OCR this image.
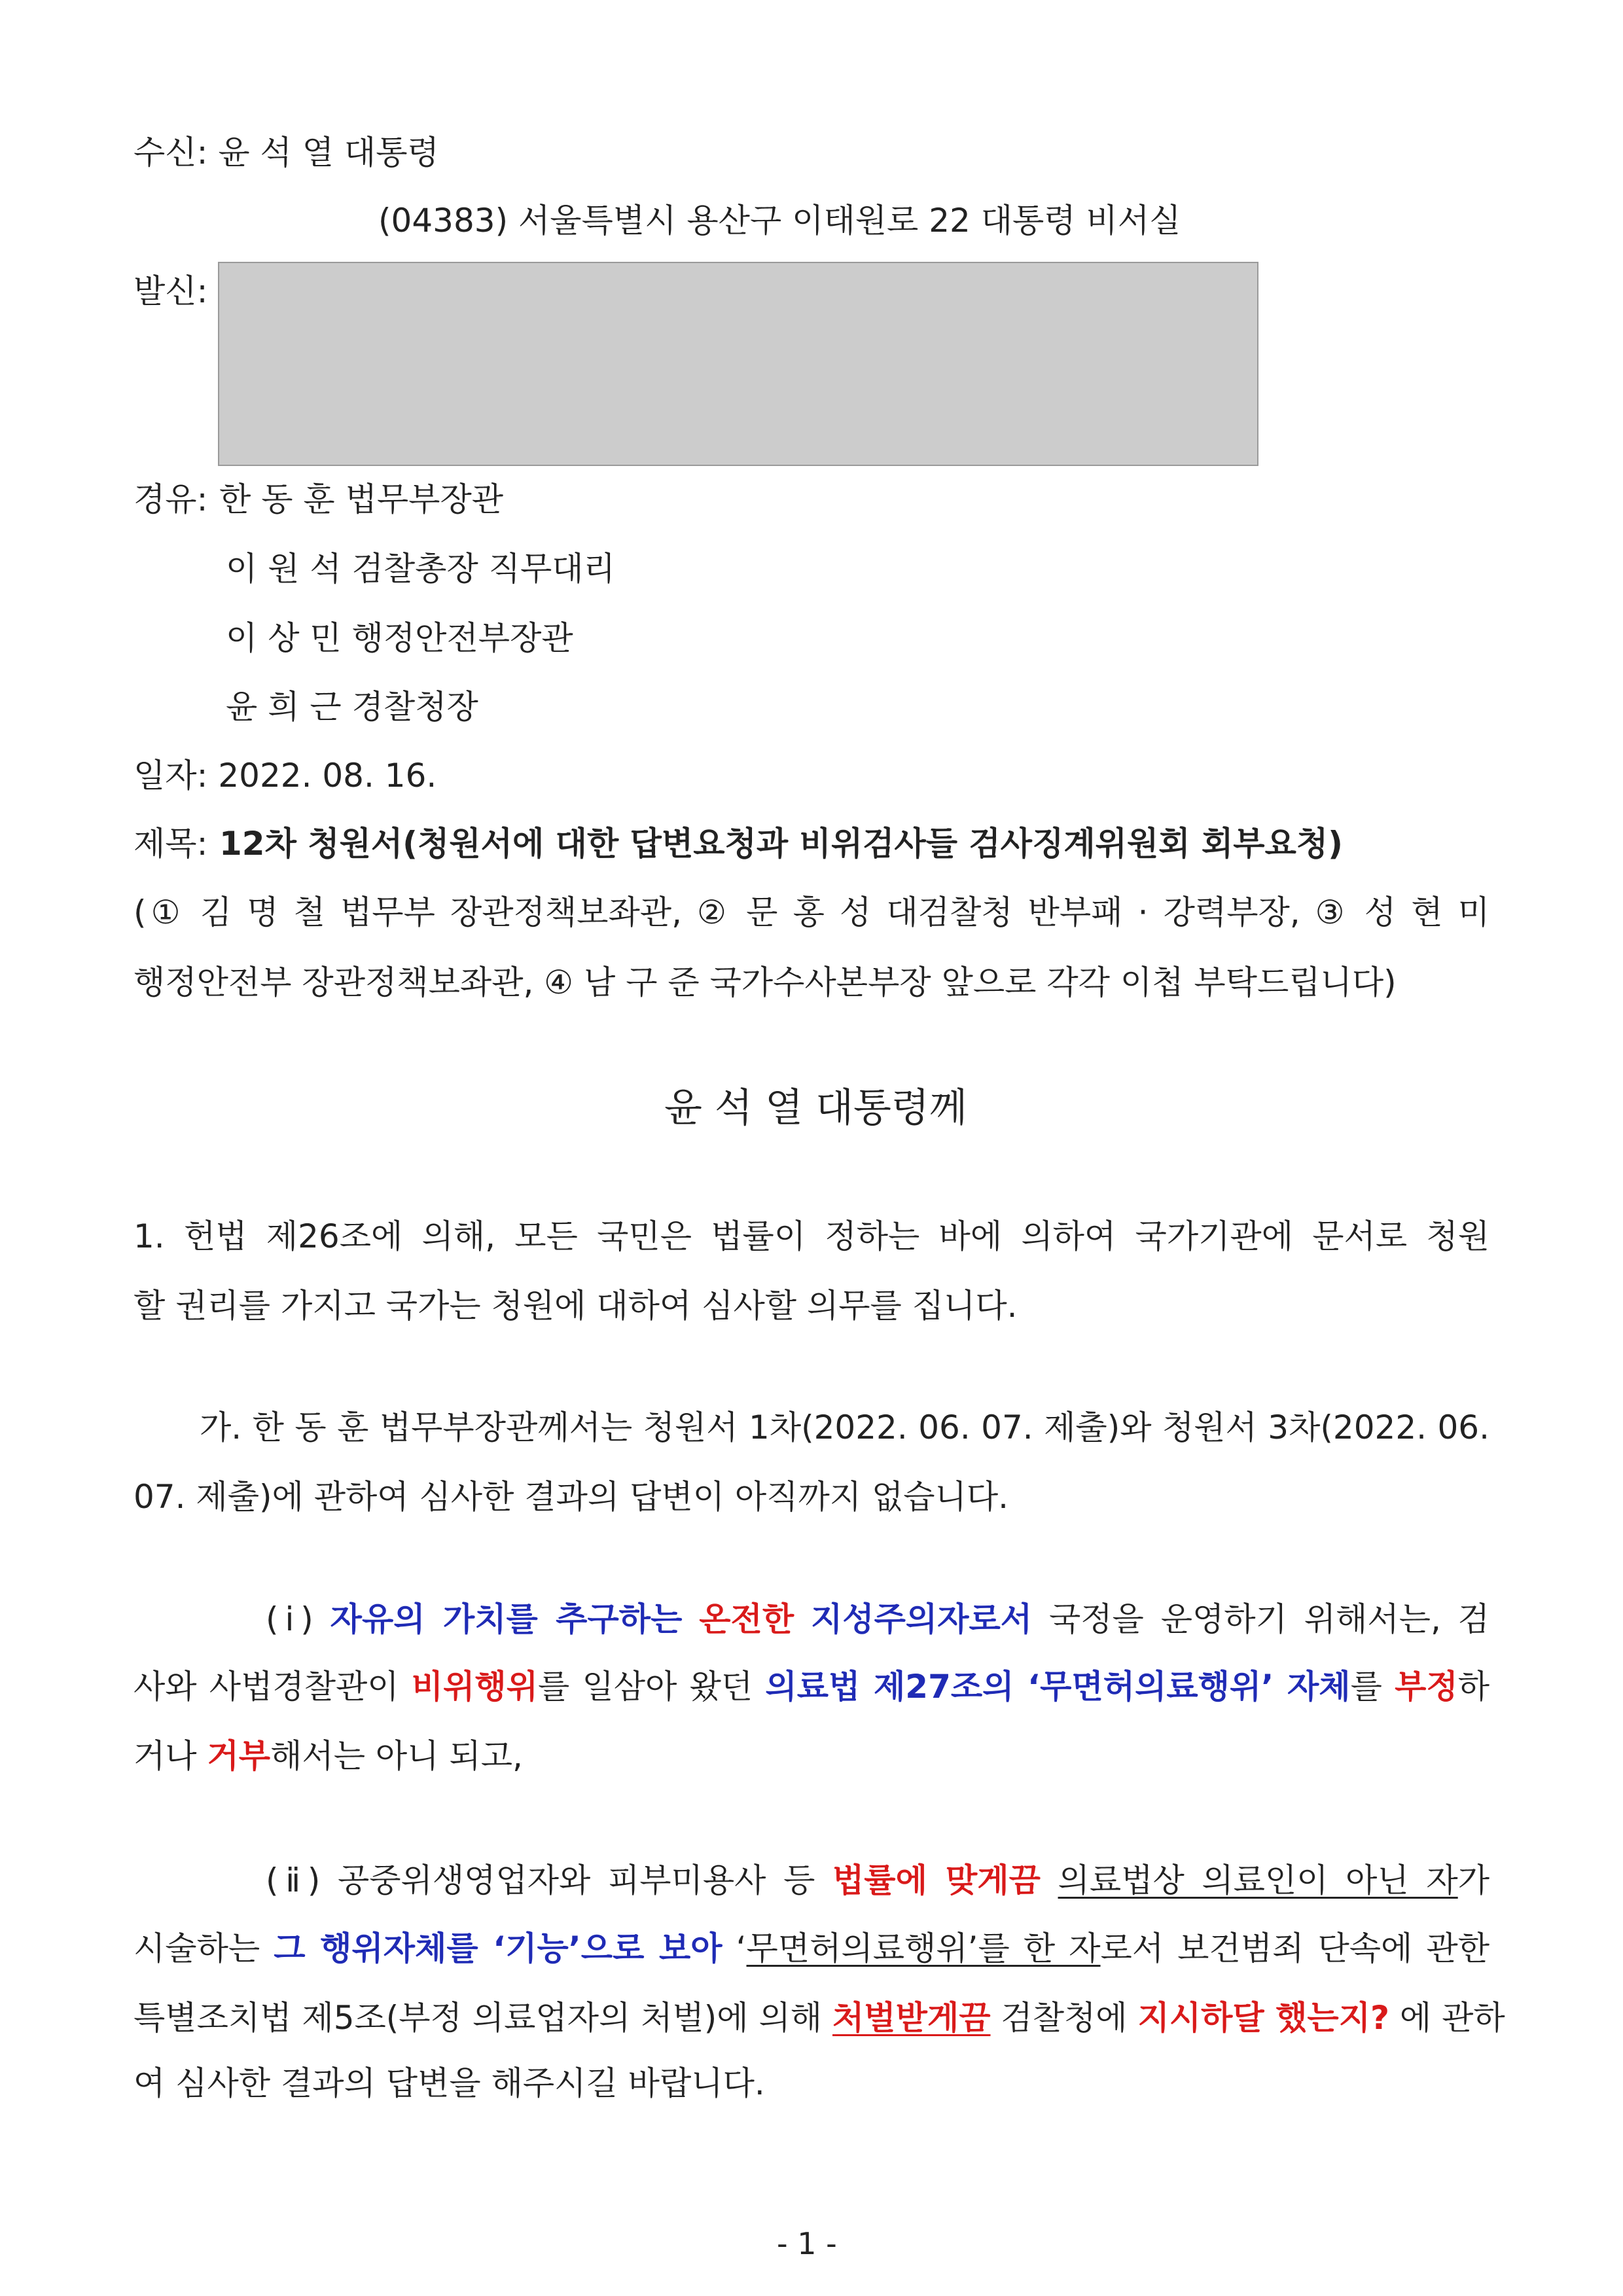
수신: 윤 석 열 대통령
(04383) 서울특별시 용산구 이태원로 22 대통령 비서실
발신:
경유: 한 동 훈 법무부장관
이 원 석 검찰총장 직무대리
이 상 민 행정안전부장관
윤 희 근 경찰청장
일자: 2022. 08. 16.
제목: 12차 청원서(청원서에 대한 답변요청과 비위검사들 검사징계위원회 회부요청)
(① 김 명 철 법무부 장관정책보좌관, ② 문 홍 성 대검찰청 반부패 · 강력부장, ③ 성 현 미
행정안전부 장관정책보좌관, ④ 남 구 준 국가수사본부장 앞으로 각각 이첩 부탁드립니다)
윤 석 열 대통령께
1. 헌법 제26조에 의해, 모든 국민은 법률이 정하는 바에 의하여 국가기관에 문서로 청원
할 권리를 가지고 국가는 청원에 대하여 심사할 의무를 집니다.
가. 한 동 훈 법무부장관께서는 청원서 1차(2022. 06. 07. 제출)와 청원서 3차(2022. 06.
07. 제출)에 관하여 심사한 결과의 답변이 아직까지 없습니다.
(ⅰ) 자유의 가치를 추구하는 온전한 지성주의자로서 국정을 운영하기 위해서는, 검
사와 사법경찰관이 비위행위를 일삼아 왔던 의료법 제27조의 ‘무면허의료행위’ 자체를 부정하
거나 거부해서는 아니 되고,
(ⅱ) 공중위생영업자와 피부미용사 등 법률에 맞게끔 의료법상 의료인이 아닌 자가
시술하는 그 행위자체를 ‘기능’으로 보아 ‘무면허의료행위’를 한 자로서 보건범죄 단속에 관한
특별조치법 제5조(부정 의료업자의 처벌)에 의해 처벌받게끔 검찰청에 지시하달 했는지? 에 관하
여 심사한 결과의 답변을 해주시길 바랍니다.
- 1 -
